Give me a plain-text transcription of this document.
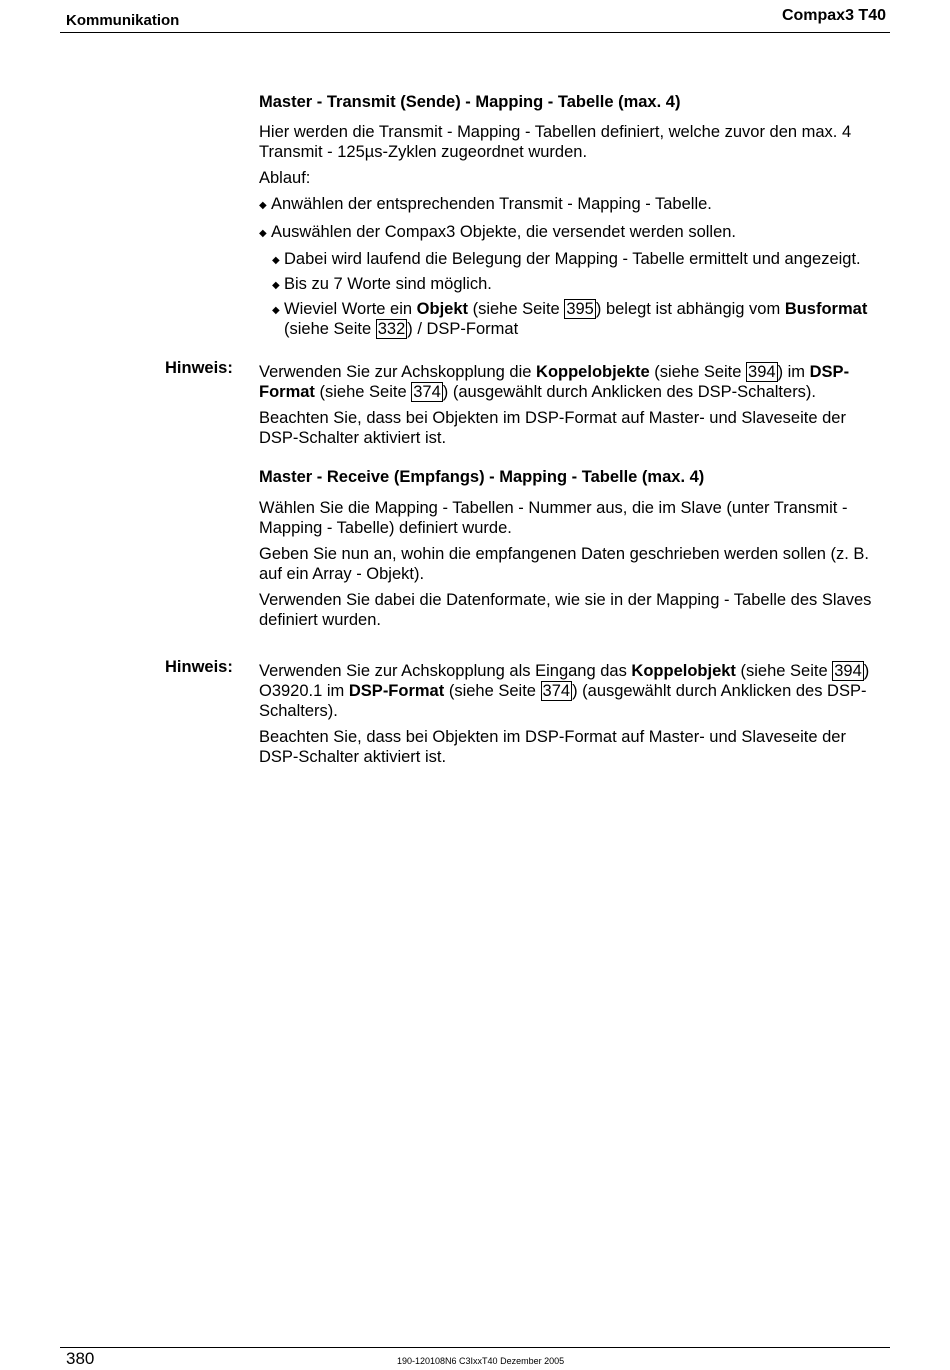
Kommunikation	Compax3 T40
Master - Transmit (Sende) - Mapping - Tabelle (max. 4)

Hier werden die Transmit - Mapping - Tabellen definiert, welche zuvor den max. 4 Transmit - 125µs-Zyklen zugeordnet wurden.

Ablauf:

◆ Anwählen der entsprechenden Transmit - Mapping - Tabelle.

◆ Auswählen der Compax3 Objekte, die versendet werden sollen.

◆ Dabei wird laufend die Belegung der Mapping - Tabelle ermittelt und angezeigt.

◆ Bis zu 7 Worte sind möglich.

◆ Wieviel Worte ein Objekt (siehe Seite 395 ) belegt ist abhängig vom Busformat (siehe Seite 332 ) / DSP-Format

Hinweis: Verwenden Sie zur Achskopplung die Koppelobjekte (siehe Seite 394 ) im DSP-Format (siehe Seite 374 ) (ausgewählt durch Anklicken des DSP-Schalters).

Beachten Sie, dass bei Objekten im DSP-Format auf Master- und Slaveseite der DSP-Schalter aktiviert ist.

Master - Receive (Empfangs) - Mapping - Tabelle (max. 4)

Wählen Sie die Mapping - Tabellen - Nummer aus, die im Slave (unter Transmit - Mapping - Tabelle) definiert wurde.

Geben Sie nun an, wohin die empfangenen Daten geschrieben werden sollen (z. B. auf ein Array - Objekt).

Verwenden Sie dabei die Datenformate, wie sie in der Mapping - Tabelle des Slaves definiert wurden.

Hinweis: Verwenden Sie zur Achskopplung als Eingang das Koppelobjekt (siehe Seite 394 ) O3920.1 im DSP-Format (siehe Seite 374 ) (ausgewählt durch Anklicken des DSP-Schalters).

Beachten Sie, dass bei Objekten im DSP-Format auf Master- und Slaveseite der DSP-Schalter aktiviert ist.

380	190-120108N6 C3IxxT40 Dezember 2005
